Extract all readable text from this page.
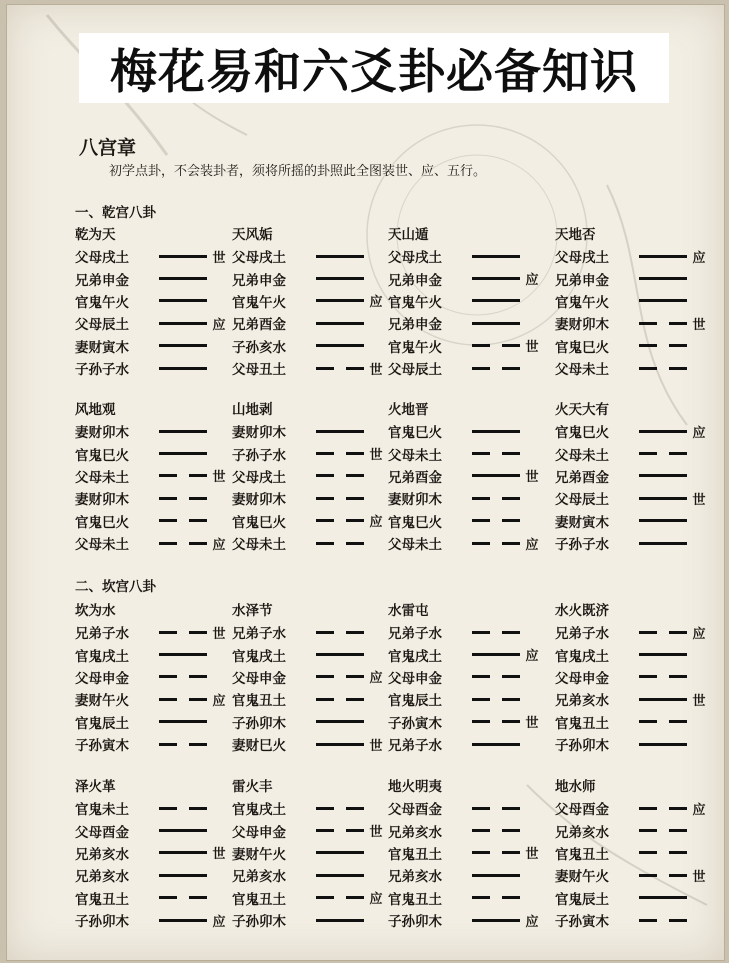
梅花易和六爻卦必备知识
八宫章
初学点卦，不会装卦者，须将所摇的卦照此全图装世、应、五行。
一、乾宫八卦
乾为天
父母戌土	世
兄弟申金
官鬼午火
父母辰土	应
妻财寅木
子孙子水
天风姤
父母戌土
兄弟申金
官鬼午火	应
兄弟酉金
子孙亥水
父母丑土	世
天山遁
父母戌土
兄弟申金	应
官鬼午火
兄弟申金
官鬼午火	世
父母辰土
天地否
父母戌土	应
兄弟申金
官鬼午火
妻财卯木	世
官鬼巳火
父母未土
风地观
妻财卯木
官鬼巳火
父母未土	世
妻财卯木
官鬼巳火
父母未土	应
山地剥
妻财卯木
子孙子水	世
父母戌土
妻财卯木
官鬼巳火	应
父母未土
火地晋
官鬼巳火
父母未土
兄弟酉金	世
妻财卯木
官鬼巳火
父母未土	应
火天大有
官鬼巳火	应
父母未土
兄弟酉金
父母辰土	世
妻财寅木
子孙子水
二、坎宫八卦
坎为水
兄弟子水	世
官鬼戌土
父母申金
妻财午火	应
官鬼辰土
子孙寅木
水泽节
兄弟子水
官鬼戌土
父母申金	应
官鬼丑土
子孙卯木
妻财巳火	世
水雷屯
兄弟子水
官鬼戌土	应
父母申金
官鬼辰土
子孙寅木	世
兄弟子水
水火既济
兄弟子水	应
官鬼戌土
父母申金
兄弟亥水	世
官鬼丑土
子孙卯木
泽火革
官鬼未土
父母酉金
兄弟亥水	世
兄弟亥水
官鬼丑土
子孙卯木	应
雷火丰
官鬼戌土
父母申金	世
妻财午火
兄弟亥水
官鬼丑土	应
子孙卯木
地火明夷
父母酉金
兄弟亥水
官鬼丑土	世
兄弟亥水
官鬼丑土
子孙卯木	应
地水师
父母酉金	应
兄弟亥水
官鬼丑土
妻财午火	世
官鬼辰土
子孙寅木
